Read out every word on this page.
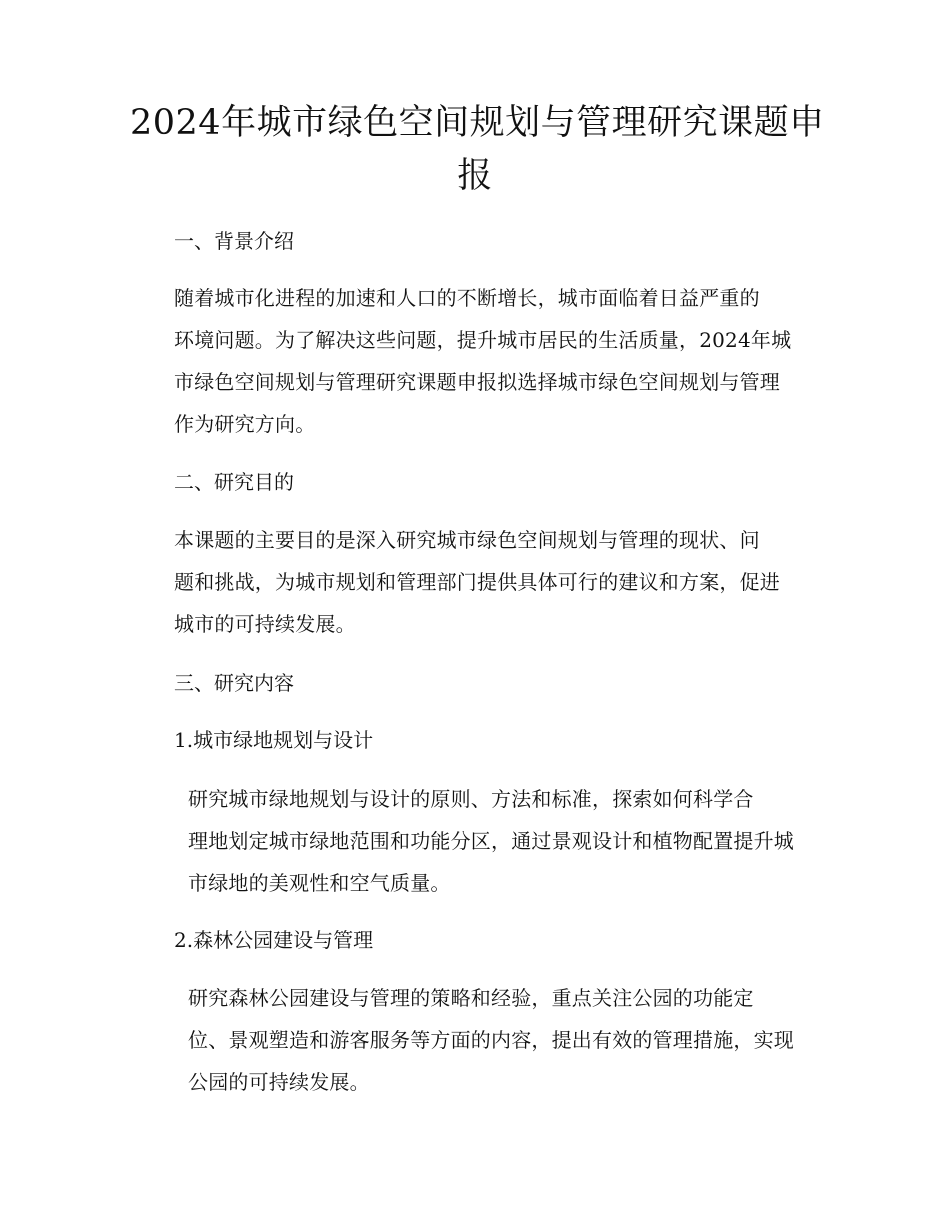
2024年城市绿色空间规划与管理研究课题申
报
一、背景介绍

随着城市化进程的加速和人口的不断增长，城市面临着日益严重的
环境问题。为了解决这些问题，提升城市居民的生活质量，2024年城
市绿色空间规划与管理研究课题申报拟选择城市绿色空间规划与管理
作为研究方向。

二、研究目的

本课题的主要目的是深入研究城市绿色空间规划与管理的现状、问
题和挑战，为城市规划和管理部门提供具体可行的建议和方案，促进
城市的可持续发展。

三、研究内容
1.城市绿地规划与设计

研究城市绿地规划与设计的原则、方法和标准，探索如何科学合
理地划定城市绿地范围和功能分区，通过景观设计和植物配置提升城
市绿地的美观性和空气质量。

2.森林公园建设与管理

研究森林公园建设与管理的策略和经验，重点关注公园的功能定
位、景观塑造和游客服务等方面的内容，提出有效的管理措施，实现
公园的可持续发展。
